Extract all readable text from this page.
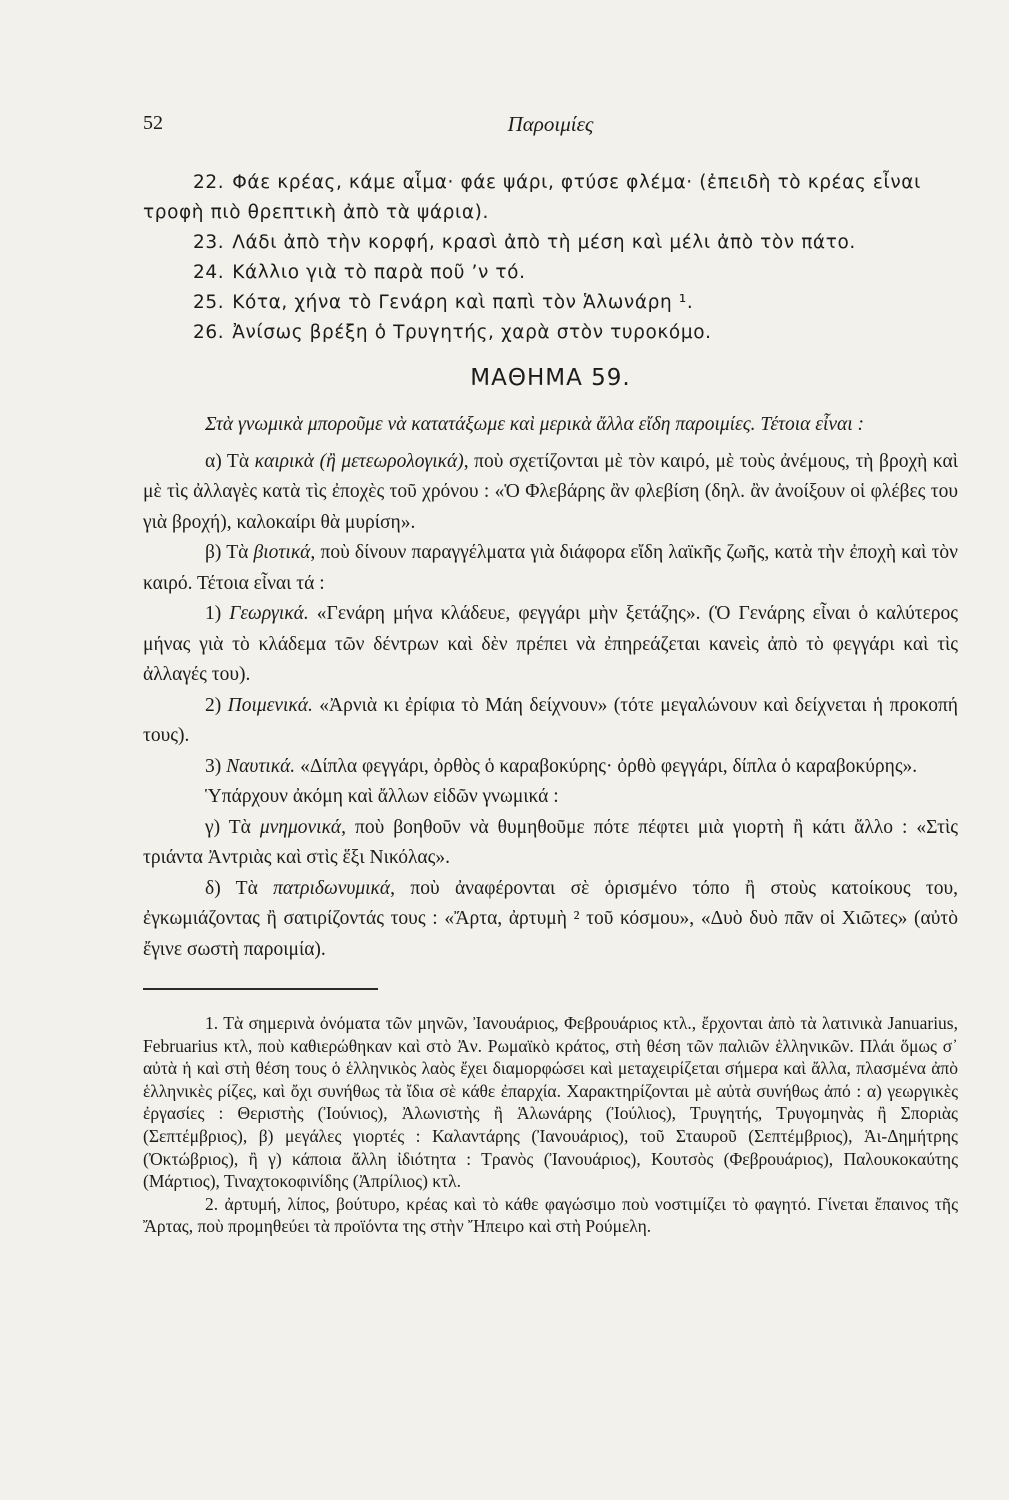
52	Παροιμίες
22. Φάε κρέας, κάμε αἷμα· φάε ψάρι, φτύσε φλέμα· (ἐπειδὴ τὸ κρέας εἶναι τροφὴ πιὸ θρεπτικὴ ἀπὸ τὰ ψάρια).
23. Λάδι ἀπὸ τὴν κορφή, κρασὶ ἀπὸ τὴ μέση καὶ μέλι ἀπὸ τὸν πάτο.
24. Κάλλιο γιὰ τὸ παρὰ ποῦ ’ν τό.
25. Κότα, χήνα τὸ Γενάρη καὶ παπὶ τὸν Ἁλωνάρη ¹.
26. Ἀνίσως βρέξη ὁ Τρυγητής, χαρὰ στὸν τυροκόμο.
ΜΑΘΗΜΑ 59.

Στὰ γνωμικὰ μποροῦμε νὰ κατατάξωμε καὶ μερικὰ ἄλλα εἴδη παροιμίες. Τέτοια εἶναι :

α) Τὰ καιρικὰ (ἢ μετεωρολογικά), ποὺ σχετίζονται μὲ τὸν καιρό, μὲ τοὺς ἀνέμους, τὴ βροχὴ καὶ μὲ τὶς ἀλλαγὲς κατὰ τὶς ἐποχὲς τοῦ χρόνου : «Ὁ Φλεβάρης ἂν φλεβίση (δηλ. ἂν ἀνοίξουν οἱ φλέβες του γιὰ βροχή), καλοκαίρι θὰ μυρίση».

β) Τὰ βιοτικά, ποὺ δίνουν παραγγέλματα γιὰ διάφορα εἴδη λαϊκῆς ζωῆς, κατὰ τὴν ἐποχὴ καὶ τὸν καιρό. Τέτοια εἶναι τά :

1) Γεωργικά. «Γενάρη μήνα κλάδευε, φεγγάρι μὴν ξετάζης». (Ὁ Γενάρης εἶναι ὁ καλύτερος μήνας γιὰ τὸ κλάδεμα τῶν δέντρων καὶ δὲν πρέπει νὰ ἐπηρεάζεται κανεὶς ἀπὸ τὸ φεγγάρι καὶ τὶς ἀλλαγές του).

2) Ποιμενικά. «Ἀρνιὰ κι ἐρίφια τὸ Μάη δείχνουν» (τότε μεγαλώνουν καὶ δείχνεται ἡ προκοπή τους).

3) Ναυτικά. «Δίπλα φεγγάρι, ὀρθὸς ὁ καραβοκύρης· ὀρθὸ φεγγάρι, δίπλα ὁ καραβοκύρης».

Ὑπάρχουν ἀκόμη καὶ ἄλλων εἰδῶν γνωμικά :

γ) Τὰ μνημονικά, ποὺ βοηθοῦν νὰ θυμηθοῦμε πότε πέφτει μιὰ γιορτὴ ἢ κάτι ἄλλο : «Στὶς τριάντα Ἀντριὰς καὶ στὶς ἕξι Νικόλας».

δ) Τὰ πατριδωνυμικά, ποὺ ἀναφέρονται σὲ ὁρισμένο τόπο ἢ στοὺς κατοίκους του, ἐγκωμιάζοντας ἢ σατιρίζοντάς τους : «Ἄρτα, ἀρτυμὴ ² τοῦ κόσμου», «Δυὸ δυὸ πᾶν οἱ Χιῶτες» (αὐτὸ ἔγινε σωστὴ παροιμία).

1. Τὰ σημερινὰ ὀνόματα τῶν μηνῶν, Ἰανουάριος, Φεβρουάριος κτλ., ἔρχονται ἀπὸ τὰ λατινικὰ Januarius, Februarius κτλ, ποὺ καθιερώθηκαν καὶ στὸ Ἀν. Ρωμαϊκὸ κράτος, στὴ θέση τῶν παλιῶν ἑλληνικῶν. Πλάι ὅμως σ᾿ αὐτὰ ἡ καὶ στὴ θέση τους ὁ ἑλληνικὸς λαὸς ἔχει διαμορφώσει καὶ μεταχειρίζεται σήμερα καὶ ἄλλα, πλασμένα ἀπὸ ἑλληνικὲς ρίζες, καὶ ὄχι συνήθως τὰ ἴδια σὲ κάθε ἐπαρχία. Χαρακτηρίζονται μὲ αὐτὰ συνήθως ἀπό : α) γεωργικὲς ἐργασίες : Θεριστὴς (Ἰούνιος), Ἀλωνιστὴς ἢ Ἁλωνάρης (Ἰούλιος), Τρυγητής, Τρυγομηνὰς ἢ Σποριὰς (Σεπτέμβριος), β) μεγάλες γιορτές : Καλαντάρης (Ἰανουάριος), τοῦ Σταυροῦ (Σεπτέμβριος), Ἁι-Δημήτρης (Ὀκτώβριος), ἢ γ) κάποια ἄλλη ἰδιότητα : Τρανὸς (Ἰανουάριος), Κουτσὸς (Φεβρουάριος), Παλουκοκαύτης (Μάρτιος), Τιναχτοκοφινίδης (Ἀπρίλιος) κτλ.

2. ἀρτυμή, λίπος, βούτυρο, κρέας καὶ τὸ κάθε φαγώσιμο ποὺ νοστιμίζει τὸ φαγητό. Γίνεται ἔπαινος τῆς Ἄρτας, ποὺ προμηθεύει τὰ προϊόντα της στὴν Ἤπειρο καὶ στὴ Ρούμελη.
